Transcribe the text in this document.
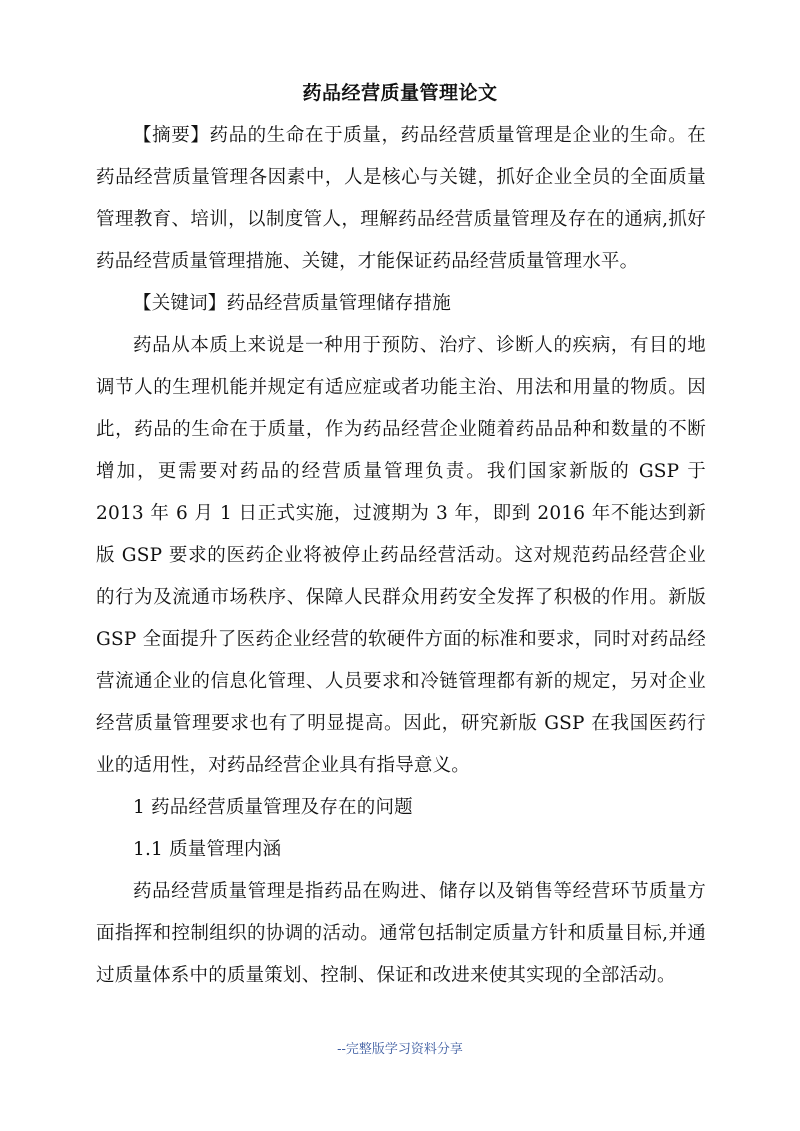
药品经营质量管理论文

【摘要】药品的生命在于质量，药品经营质量管理是企业的生命。在药品经营质量管理各因素中，人是核心与关键，抓好企业全员的全面质量管理教育、培训，以制度管人，理解药品经营质量管理及存在的通病,抓好药品经营质量管理措施、关键，才能保证药品经营质量管理水平。

【关键词】药品经营质量管理储存措施

药品从本质上来说是一种用于预防、治疗、诊断人的疾病，有目的地调节人的生理机能并规定有适应症或者功能主治、用法和用量的物质。因此，药品的生命在于质量，作为药品经营企业随着药品品种和数量的不断增加，更需要对药品的经营质量管理负责。我们国家新版的 GSP 于 2013 年 6 月 1 日正式实施，过渡期为 3 年，即到 2016 年不能达到新版 GSP 要求的医药企业将被停止药品经营活动。这对规范药品经营企业的行为及流通市场秩序、保障人民群众用药安全发挥了积极的作用。新版 GSP 全面提升了医药企业经营的软硬件方面的标准和要求，同时对药品经营流通企业的信息化管理、人员要求和冷链管理都有新的规定，另对企业经营质量管理要求也有了明显提高。因此，研究新版 GSP 在我国医药行业的适用性，对药品经营企业具有指导意义。

1 药品经营质量管理及存在的问题

1.1 质量管理内涵

药品经营质量管理是指药品在购进、储存以及销售等经营环节质量方面指挥和控制组织的协调的活动。通常包括制定质量方针和质量目标,并通过质量体系中的质量策划、控制、保证和改进来使其实现的全部活动。

--完整版学习资料分享
